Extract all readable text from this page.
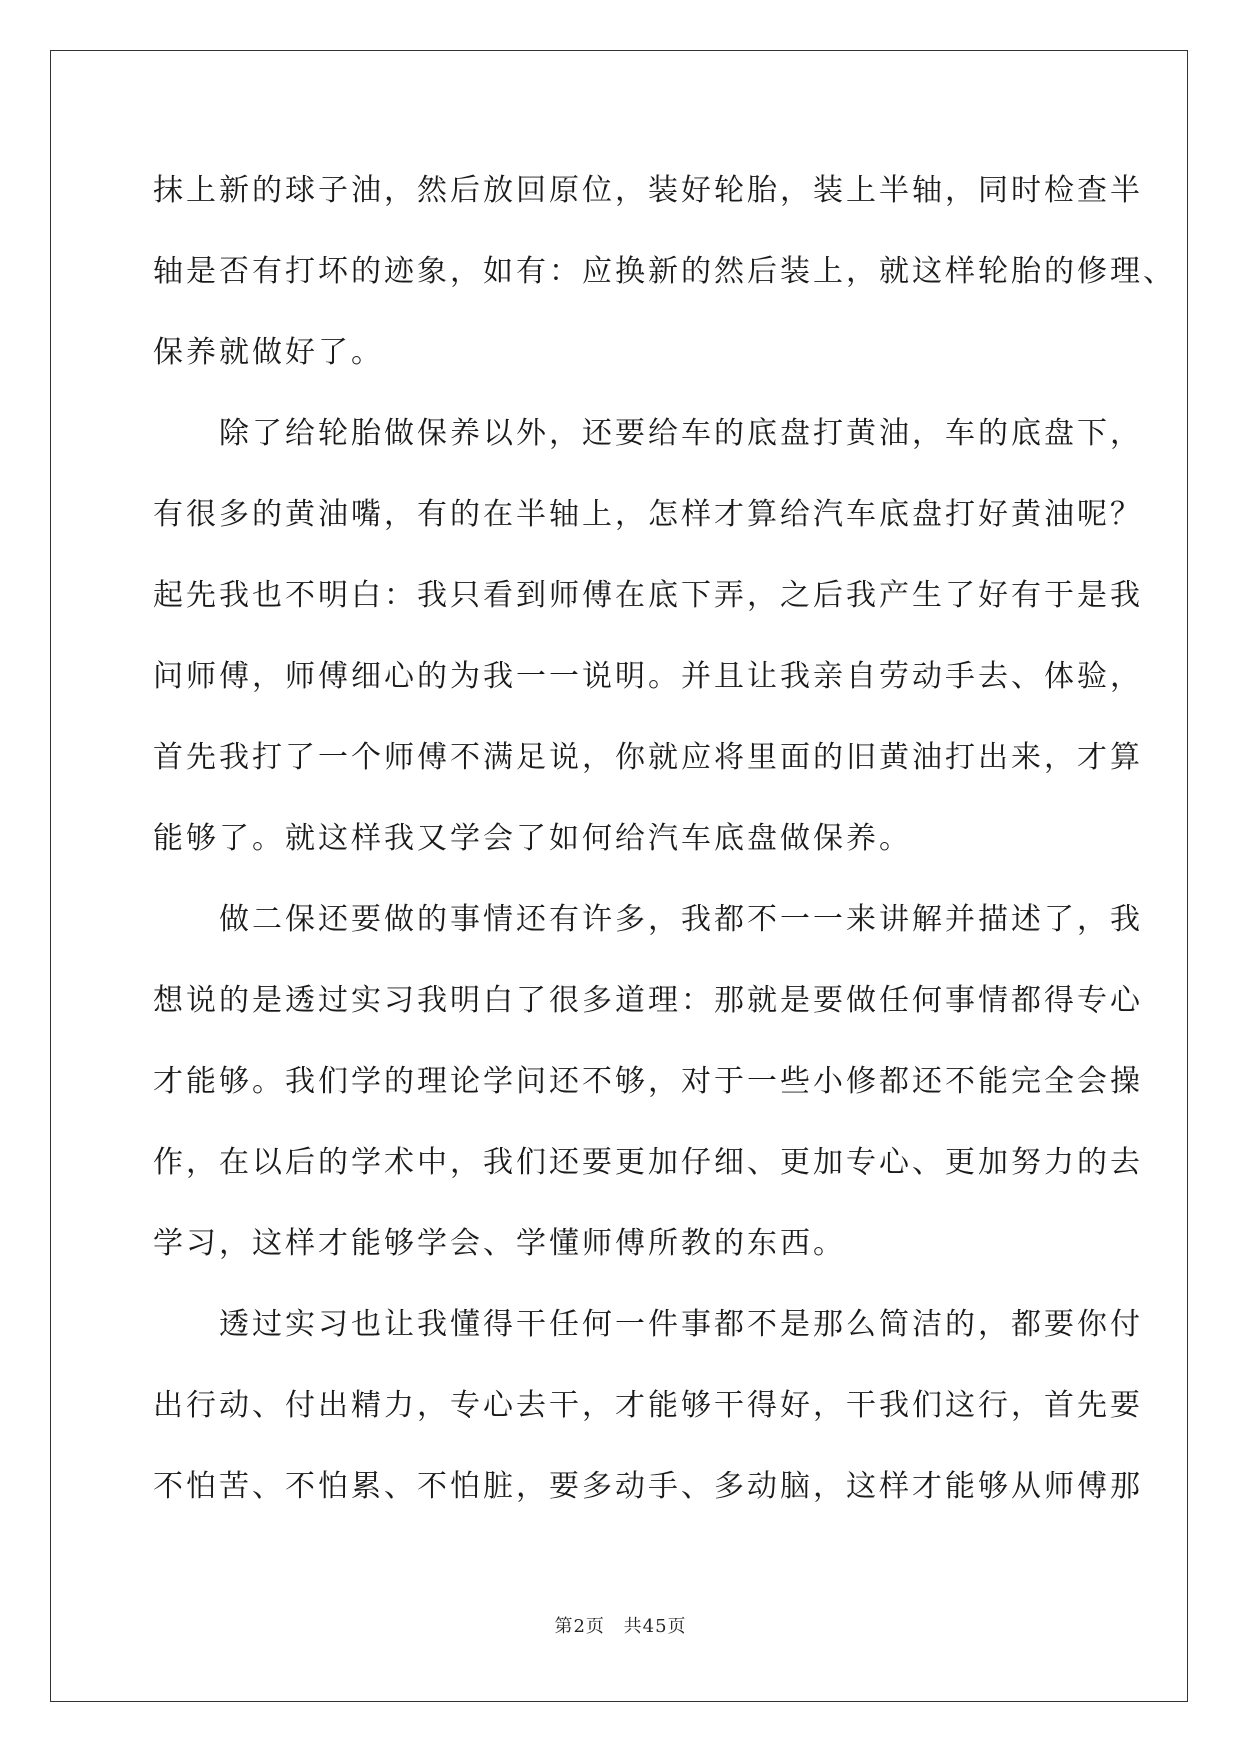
抹上新的球子油，然后放回原位，装好轮胎，装上半轴，同时检查半
轴是否有打坏的迹象，如有：应换新的然后装上，就这样轮胎的修理、
保养就做好了。
　　除了给轮胎做保养以外，还要给车的底盘打黄油，车的底盘下，
有很多的黄油嘴，有的在半轴上，怎样才算给汽车底盘打好黄油呢？
起先我也不明白：我只看到师傅在底下弄，之后我产生了好有于是我
问师傅，师傅细心的为我一一说明。并且让我亲自劳动手去、体验，
首先我打了一个师傅不满足说，你就应将里面的旧黄油打出来，才算
能够了。就这样我又学会了如何给汽车底盘做保养。
　　做二保还要做的事情还有许多，我都不一一来讲解并描述了，我
想说的是透过实习我明白了很多道理：那就是要做任何事情都得专心
才能够。我们学的理论学问还不够，对于一些小修都还不能完全会操
作，在以后的学术中，我们还要更加仔细、更加专心、更加努力的去
学习，这样才能够学会、学懂师傅所教的东西。
　　透过实习也让我懂得干任何一件事都不是那么简洁的，都要你付
出行动、付出精力，专心去干，才能够干得好，干我们这行，首先要
不怕苦、不怕累、不怕脏，要多动手、多动脑，这样才能够从师傅那
第2页 共45页
